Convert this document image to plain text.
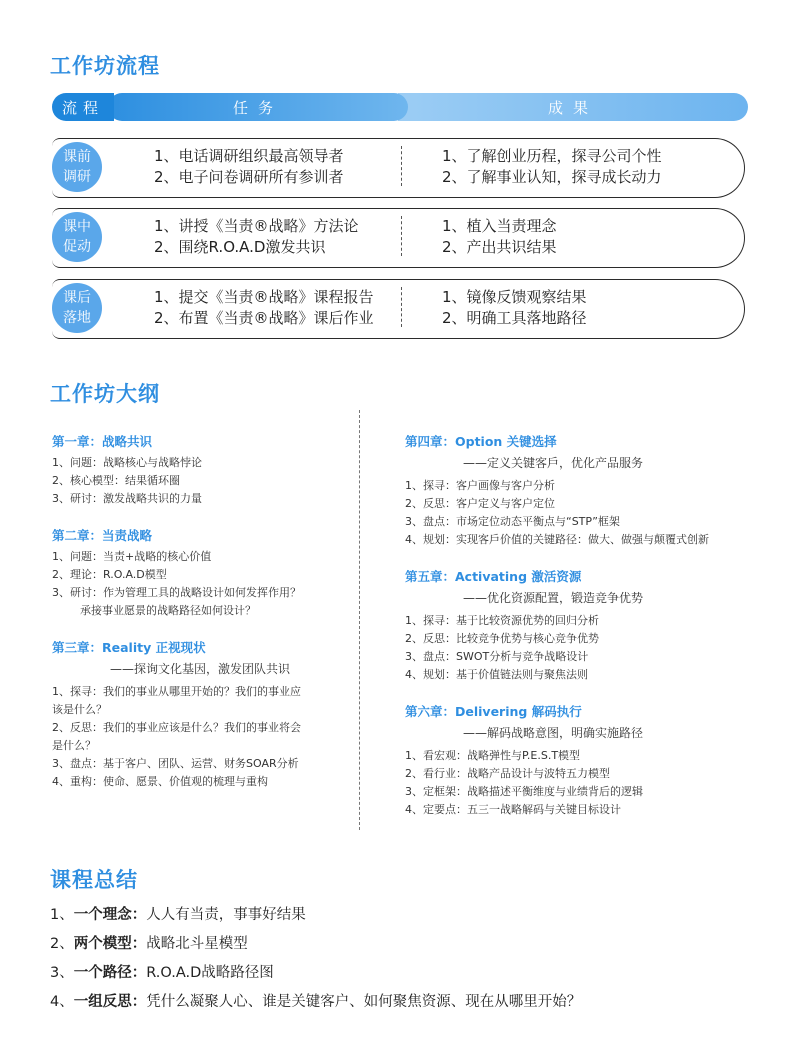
工作坊流程
流程	任务	成果
课前
调研
1、电话调研组织最高领导者
2、电子问卷调研所有参训者
1、了解创业历程，探寻公司个性
2、了解事业认知，探寻成长动力
课中
促动
1、讲授《当责®战略》方法论
2、围绕R.O.A.D激发共识
1、植入当责理念
2、产出共识结果
课后
落地
1、提交《当责®战略》课程报告
2、布置《当责®战略》课后作业
1、镜像反馈观察结果
2、明确工具落地路径
工作坊大纲
第一章：战略共识
1、问题：战略核心与战略悖论
2、核心模型：结果循环圈
3、研讨：激发战略共识的力量
第二章：当责战略
1、问题：当责+战略的核心价值
2、理论：R.O.A.D模型
3、研讨：作为管理工具的战略设计如何发挥作用？
承接事业愿景的战略路径如何设计？
第三章：Reality 正视现状
——探询文化基因，激发团队共识
1、探寻：我们的事业从哪里开始的？我们的事业应
该是什么？
2、反思：我们的事业应该是什么？我们的事业将会
是什么？
3、盘点：基于客户、团队、运营、财务SOAR分析
4、重构：使命、愿景、价值观的梳理与重构
第四章：Option 关键选择
——定义关键客戶，优化产品服务
1、探寻：客户画像与客户分析
2、反思：客户定义与客户定位
3、盘点：市场定位动态平衡点与“STP”框架
4、规划：实现客戶价值的关键路径：做大、做强与颠覆式创新
第五章：Activating 激活资源
——优化资源配置，锻造竞争优势
1、探寻：基于比较资源优势的回归分析
2、反思：比较竞争优势与核心竞争优势
3、盘点：SWOT分析与竞争战略设计
4、规划：基于价值链法则与聚焦法则
第六章：Delivering 解码执行
——解码战略意图，明确实施路径
1、看宏观：战略弹性与P.E.S.T模型
2、看行业：战略产品设计与波特五力模型
3、定框架：战略描述平衡维度与业绩背后的逻辑
4、定要点：五三一战略解码与关键目标设计
课程总结
1、一个理念：人人有当责，事事好结果
2、两个模型：战略北斗星模型
3、一个路径：R.O.A.D战略路径图
4、一组反思：凭什么凝聚人心、谁是关键客户、如何聚焦资源、现在从哪里开始？
